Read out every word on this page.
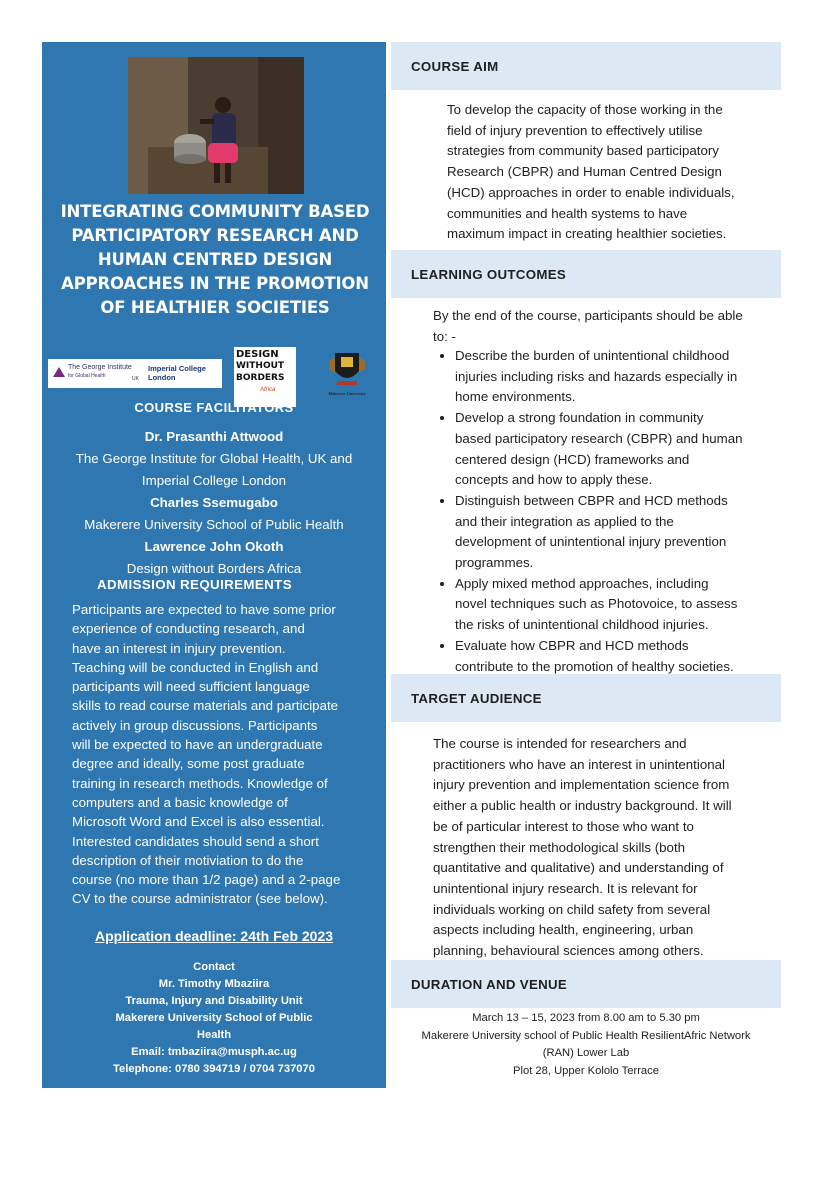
INTEGRATING COMMUNITY BASED PARTICIPATORY RESEARCH AND HUMAN CENTRED DESIGN APPROACHES IN THE PROMOTION OF HEALTHIER SOCIETIES
The George Institute
for Global Health	UK
Imperial College
London
DESIGN
WITHOUT
BORDERS
Africa
Makerere University
COURSE FACILITATORS
Dr. Prasanthi Attwood
The George Institute for Global Health, UK and
Imperial College London
Charles Ssemugabo
Makerere University School of Public Health
Lawrence John Okoth
Design without Borders Africa
ADMISSION REQUIREMENTS
Participants are expected to have some prior
experience of conducting research, and
have an interest in injury prevention.
Teaching will be conducted in English and
participants will need sufficient language
skills to read course materials and participate
actively in group discussions. Participants
will be expected to have an undergraduate
degree and ideally, some post graduate
training in research methods. Knowledge of
computers and a basic knowledge of
Microsoft Word and Excel is also essential.
Interested candidates should send a short
description of their motiviation to do the
course (no more than 1/2 page) and a 2-page
CV to the course administrator (see below).
Application deadline: 24th Feb 2023
Contact
Mr. Timothy Mbaziira
Trauma, Injury and Disability Unit
Makerere University School of Public
Health
Email: tmbaziira@musph.ac.ug
Telephone: 0780 394719 / 0704 737070
COURSE AIM
To develop the capacity of those working in the
field of injury prevention to effectively utilise
strategies from community based participatory
Research (CBPR) and Human Centred Design
(HCD) approaches in order to enable individuals,
communities and health systems to have
maximum impact in creating healthier societies.
LEARNING OUTCOMES
By the end of the course, participants should be able
to: -
• Describe the burden of unintentional childhood
injuries including risks and hazards especially in
home environments.
• Develop a strong foundation in community
based participatory research (CBPR) and human
centered design (HCD) frameworks and
concepts and how to apply these.
• Distinguish between CBPR and HCD methods
and their integration as applied to the
development of unintentional injury prevention
programmes.
• Apply mixed method approaches, including
novel techniques such as Photovoice, to assess
the risks of unintentional childhood injuries.
• Evaluate how CBPR and HCD methods
contribute to the promotion of healthy societies.
TARGET AUDIENCE
The course is intended for researchers and
practitioners who have an interest in unintentional
injury prevention and implementation science from
either a public health or industry background. It will
be of particular interest to those who want to
strengthen their methodological skills (both
quantitative and qualitative) and understanding of
unintentional injury research. It is relevant for
individuals working on child safety from several
aspects including health, engineering, urban
planning, behavioural sciences among others.
DURATION AND VENUE
March 13 – 15, 2023 from 8.00 am to 5.30 pm
Makerere University school of Public Health ResilientAfric Network
(RAN) Lower Lab
Plot 28, Upper Kololo Terrace
